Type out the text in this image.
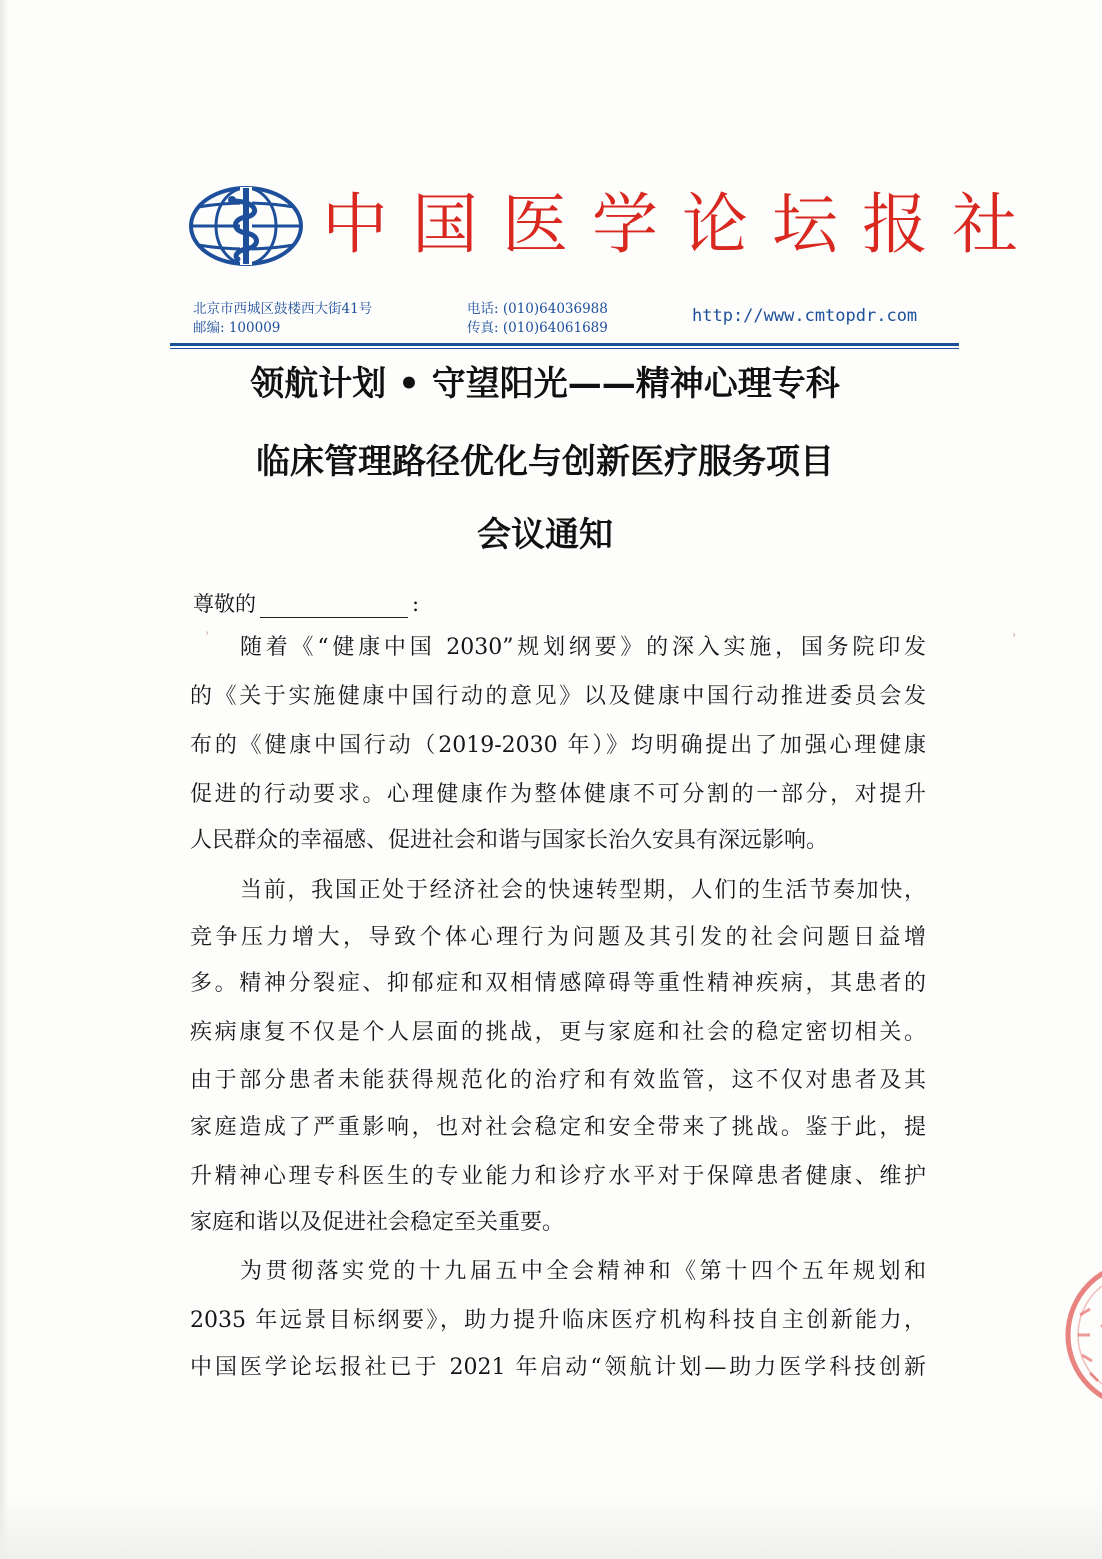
中国医学论坛报社
北京市西城区鼓楼西大街41号
邮编: 100009
电话: (010)64036988
传真: (010)64061689
http://www.cmtopdr.com
领航计划 • 守望阳光——精神心理专科
临床管理路径优化与创新医疗服务项目
会议通知
尊敬的	:
随着《“健康中国 2030”规划纲要》的深入实施，国务院印发
的《关于实施健康中国行动的意见》以及健康中国行动推进委员会发
布的《健康中国行动（2019-2030 年）》均明确提出了加强心理健康
促进的行动要求。心理健康作为整体健康不可分割的一部分，对提升
人民群众的幸福感、促进社会和谐与国家长治久安具有深远影响。
当前，我国正处于经济社会的快速转型期，人们的生活节奏加快，
竞争压力增大，导致个体心理行为问题及其引发的社会问题日益增
多。精神分裂症、抑郁症和双相情感障碍等重性精神疾病，其患者的
疾病康复不仅是个人层面的挑战，更与家庭和社会的稳定密切相关。
由于部分患者未能获得规范化的治疗和有效监管，这不仅对患者及其
家庭造成了严重影响，也对社会稳定和安全带来了挑战。鉴于此，提
升精神心理专科医生的专业能力和诊疗水平对于保障患者健康、维护
家庭和谐以及促进社会稳定至关重要。
为贯彻落实党的十九届五中全会精神和《第十四个五年规划和
2035 年远景目标纲要》，助力提升临床医疗机构科技自主创新能力，
中国医学论坛报社已于 2021 年启动“领航计划—助力医学科技创新
›	›
